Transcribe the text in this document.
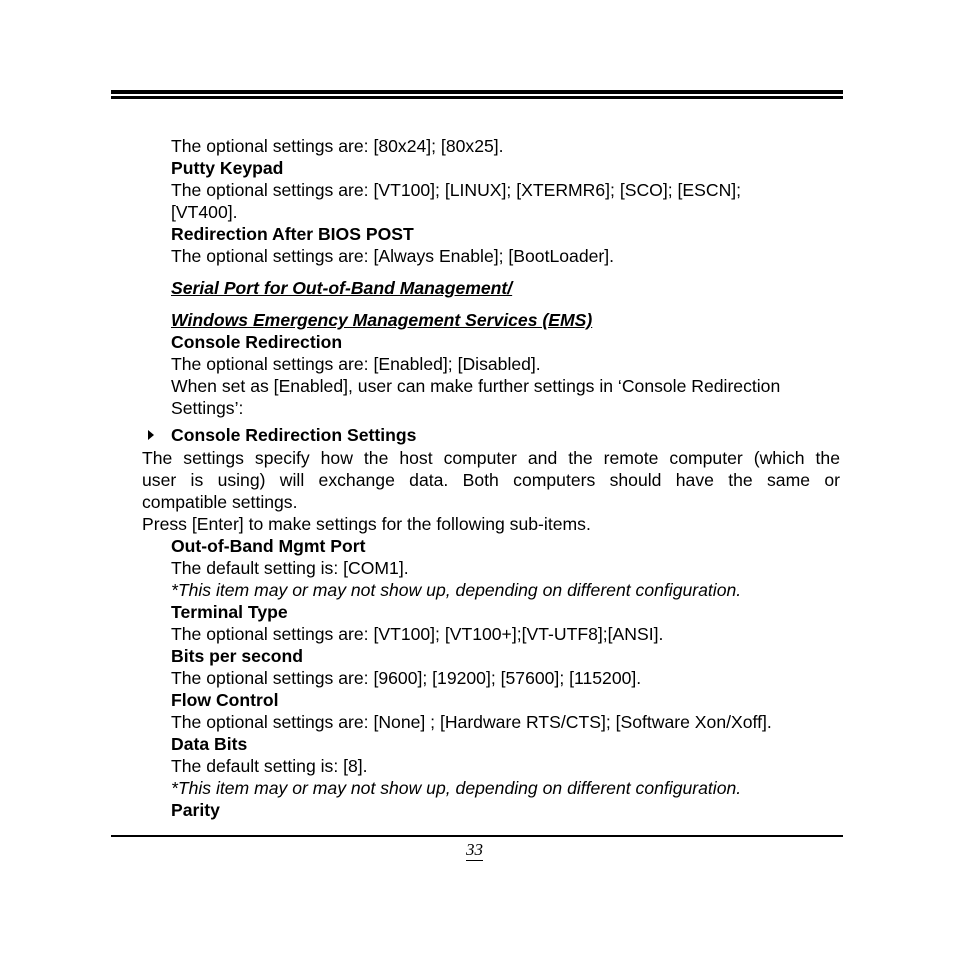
The optional settings are: [80x24]; [80x25].
Putty Keypad
The optional settings are: [VT100]; [LINUX]; [XTERMR6]; [SCO]; [ESCN];
[VT400].
Redirection After BIOS POST
The optional settings are: [Always Enable]; [BootLoader].
Serial Port for Out-of-Band Management/
Windows Emergency Management Services (EMS)
Console Redirection
The optional settings are: [Enabled]; [Disabled].
When set as [Enabled], user can make further settings in ‘Console Redirection
Settings’:
Console Redirection Settings
The settings specify how the host computer and the remote computer (which the
user is using) will exchange data. Both computers should have the same or
compatible settings.
Press [Enter] to make settings for the following sub-items.
Out-of-Band Mgmt Port
The default setting is: [COM1].
*This item may or may not show up, depending on different configuration.
Terminal Type
The optional settings are: [VT100]; [VT100+];[VT-UTF8];[ANSI].
Bits per second
The optional settings are: [9600]; [19200]; [57600]; [115200].
Flow Control
The optional settings are: [None] ; [Hardware RTS/CTS]; [Software Xon/Xoff].
Data Bits
The default setting is: [8].
*This item may or may not show up, depending on different configuration.
Parity
33
